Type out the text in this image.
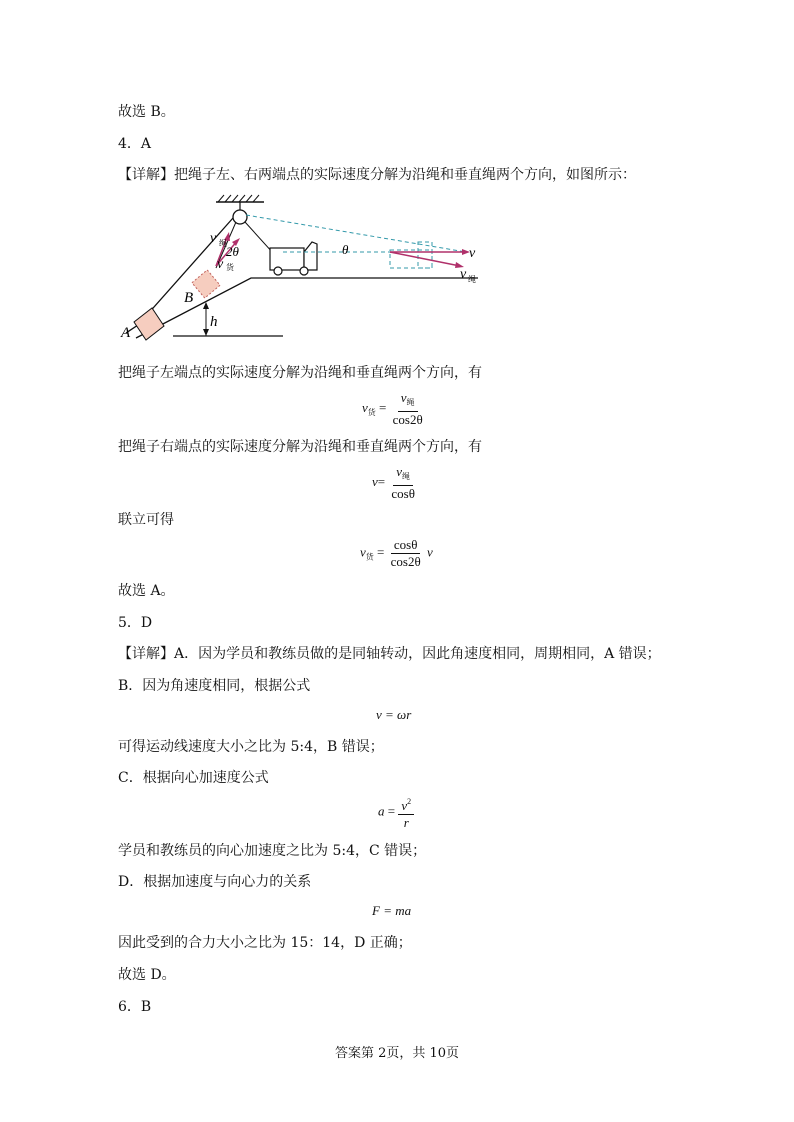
故选 B。
4．A
【详解】把绳子左、右两端点的实际速度分解为沿绳和垂直绳两个方向，如图所示：
v 绳
2θ
v 货
B
A
h
θ	v
v 绳
把绳子左端点的实际速度分解为沿绳和垂直绳两个方向，有
$v_货 = \frac{v_绳}{\cos 2\theta}$
把绳子右端点的实际速度分解为沿绳和垂直绳两个方向，有
$v= \frac{v_绳}{\cos\theta}$
联立可得
$v_货 = \frac{\cos\theta}{\cos 2\theta}$ v
故选 A。
5．D
【详解】A．因为学员和教练员做的是同轴转动，因此角速度相同，周期相同，A 错误；
B．因为角速度相同，根据公式
v = ωr
可得运动线速度大小之比为 5:4，B 错误；
C．根据向心加速度公式
$a = \frac{v^2}{r}$
学员和教练员的向心加速度之比为 5:4，C 错误；
D．根据加速度与向心力的关系
F = ma
因此受到的合力大小之比为 15：14，D 正确；
故选 D。
6．B
答案第 2页，共 10页
